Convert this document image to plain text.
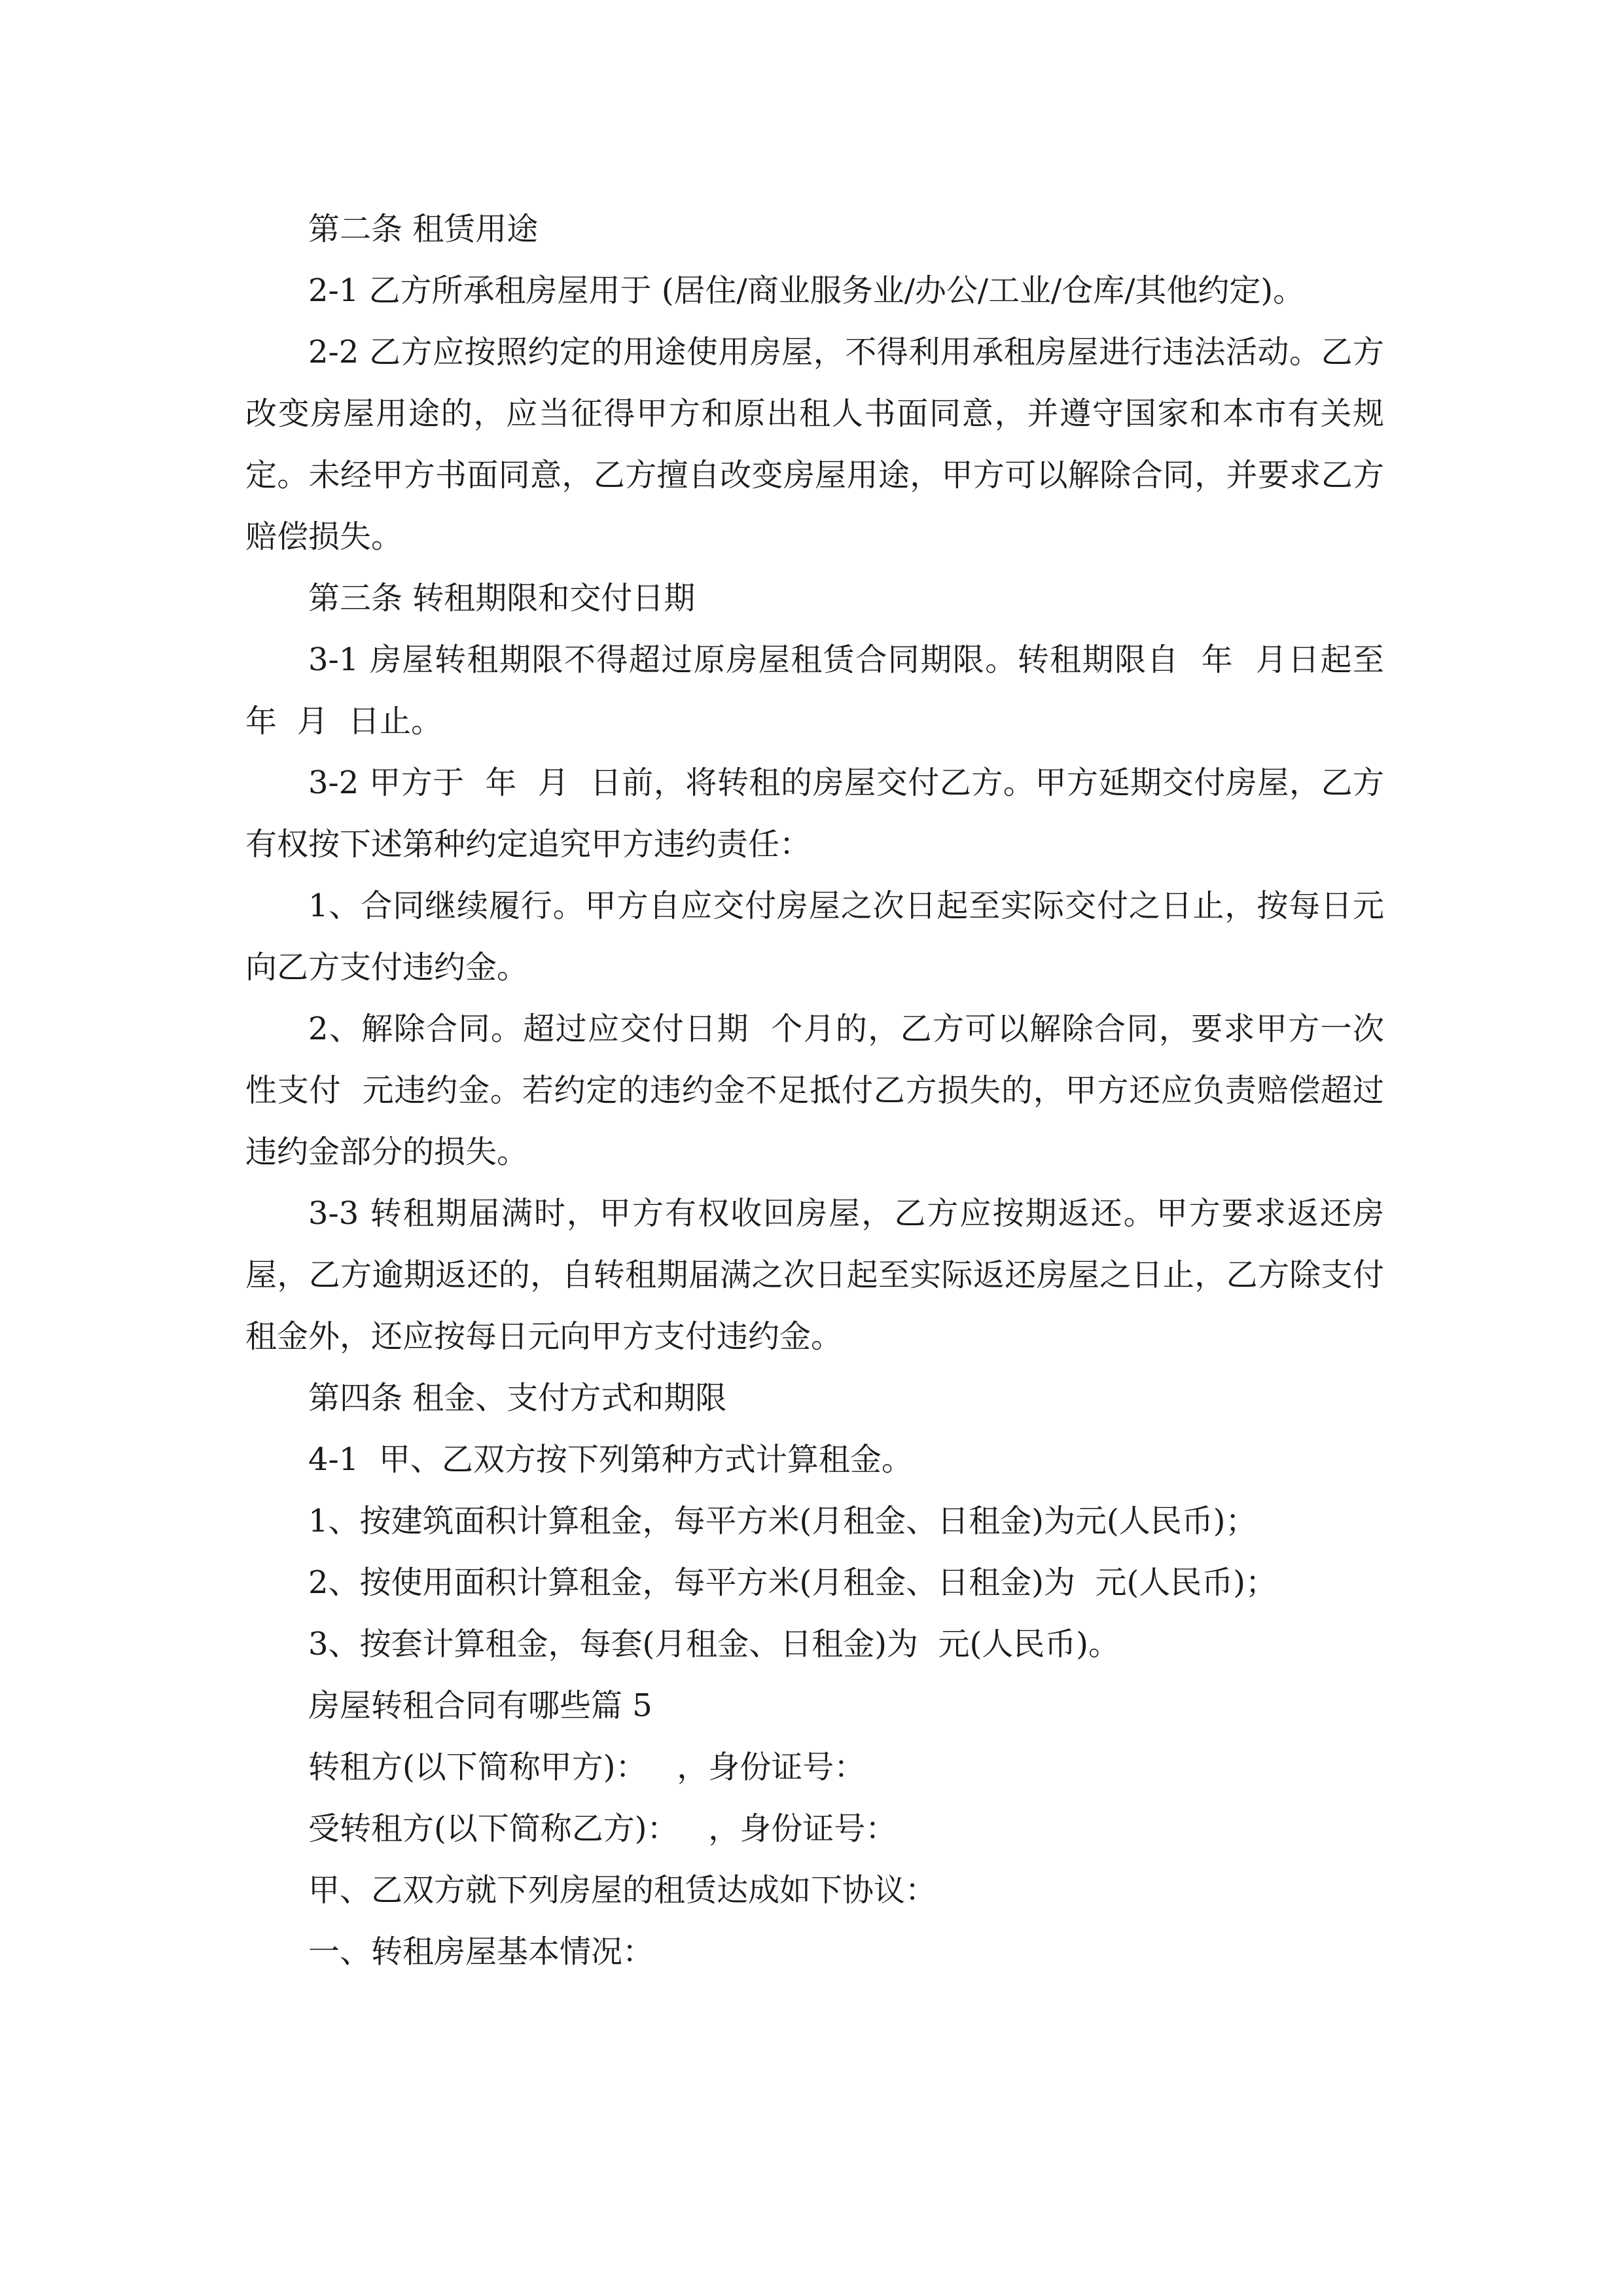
第二条 租赁用途

2-1 乙方所承租房屋用于 (居住/商业服务业/办公/工业/仓库/其他约定)。

2-2 乙方应按照约定的用途使用房屋，不得利用承租房屋进行违法活动。乙方改变房屋用途的，应当征得甲方和原出租人书面同意，并遵守国家和本市有关规定。未经甲方书面同意，乙方擅自改变房屋用途，甲方可以解除合同，并要求乙方赔偿损失。

第三条 转租期限和交付日期

3-1 房屋转租期限不得超过原房屋租赁合同期限。转租期限自  年  月日起至  年  月  日止。

3-2 甲方于  年  月  日前，将转租的房屋交付乙方。甲方延期交付房屋，乙方有权按下述第种约定追究甲方违约责任：

1、合同继续履行。甲方自应交付房屋之次日起至实际交付之日止，按每日元向乙方支付违约金。

2、解除合同。超过应交付日期  个月的，乙方可以解除合同，要求甲方一次性支付  元违约金。若约定的违约金不足抵付乙方损失的，甲方还应负责赔偿超过违约金部分的损失。

3-3 转租期届满时，甲方有权收回房屋，乙方应按期返还。甲方要求返还房屋，乙方逾期返还的，自转租期届满之次日起至实际返还房屋之日止，乙方除支付租金外，还应按每日元向甲方支付违约金。

第四条 租金、支付方式和期限

4-1  甲、乙双方按下列第种方式计算租金。

1、按建筑面积计算租金，每平方米(月租金、日租金)为元(人民币)；

2、按使用面积计算租金，每平方米(月租金、日租金)为  元(人民币)；

3、按套计算租金，每套(月租金、日租金)为  元(人民币)。

房屋转租合同有哪些篇 5

转租方(以下简称甲方)：   ，身份证号：

受转租方(以下简称乙方)：   ，身份证号：

甲、乙双方就下列房屋的租赁达成如下协议：

一、转租房屋基本情况：
